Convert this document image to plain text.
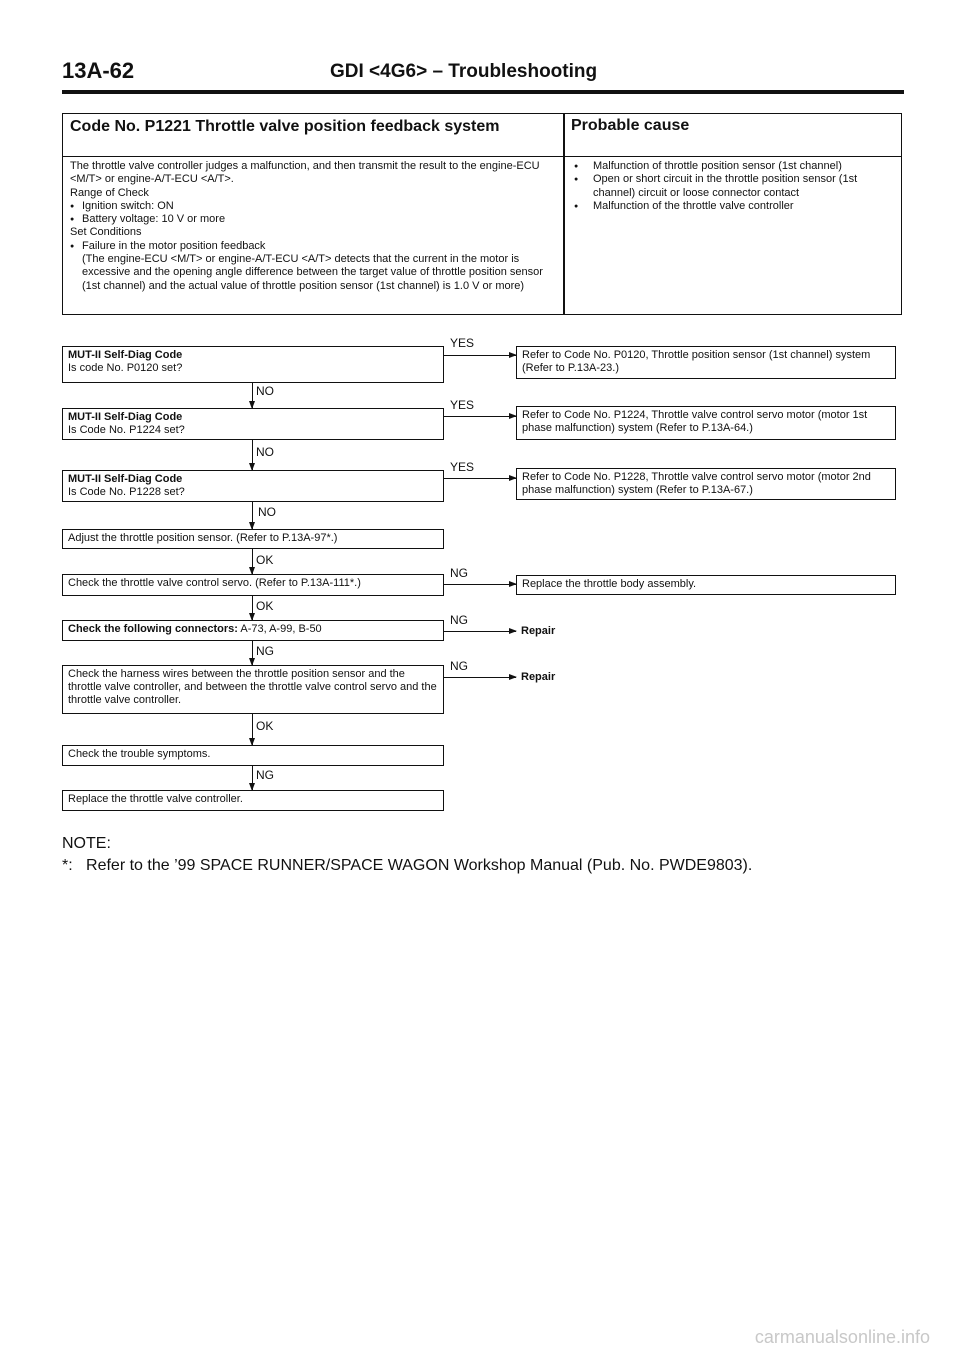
13A-62	GDI <4G6> – Troubleshooting
Code No. P1221 Throttle valve position feedback system	Probable cause
The throttle valve controller judges a malfunction, and then transmit the result to the engine-ECU <M/T> or engine-A/T-ECU <A/T>.
Range of Check
● Ignition switch: ON
● Battery voltage: 10 V or more
Set Conditions
● Failure in the motor position feedback
(The engine-ECU <M/T> or engine-A/T-ECU <A/T> detects that the current in the motor is excessive and the opening angle difference between the target value of throttle position sensor (1st channel) and the actual value of throttle position sensor (1st channel) is 1.0 V or more)
● Malfunction of throttle position sensor (1st channel)
● Open or short circuit in the throttle position sensor (1st channel) circuit or loose connector contact
● Malfunction of the throttle valve controller
MUT-II Self-Diag Code
Is code No. P0120 set?
YES
Refer to Code No. P0120, Throttle position sensor (1st channel) system (Refer to P.13A-23.)
NO
MUT-II Self-Diag Code
Is Code No. P1224 set?
YES
Refer to Code No. P1224, Throttle valve control servo motor (motor 1st phase malfunction) system (Refer to P.13A-64.)
NO
MUT-II Self-Diag Code
Is Code No. P1228 set?
YES
Refer to Code No. P1228, Throttle valve control servo motor (motor 2nd phase malfunction) system (Refer to P.13A-67.)
NO
Adjust the throttle position sensor. (Refer to P.13A-97*.)
OK
Check the throttle valve control servo. (Refer to P.13A-111*.)
NG
Replace the throttle body assembly.
OK
Check the following connectors: A-73, A-99, B-50
NG
Repair
NG
Check the harness wires between the throttle position sensor and the throttle valve controller, and between the throttle valve control servo and the throttle valve controller.
NG
Repair
OK
Check the trouble symptoms.
NG
Replace the throttle valve controller.
NOTE:
*: Refer to the ’99 SPACE RUNNER/SPACE WAGON Workshop Manual (Pub. No. PWDE9803).
carmanualsonline.info
